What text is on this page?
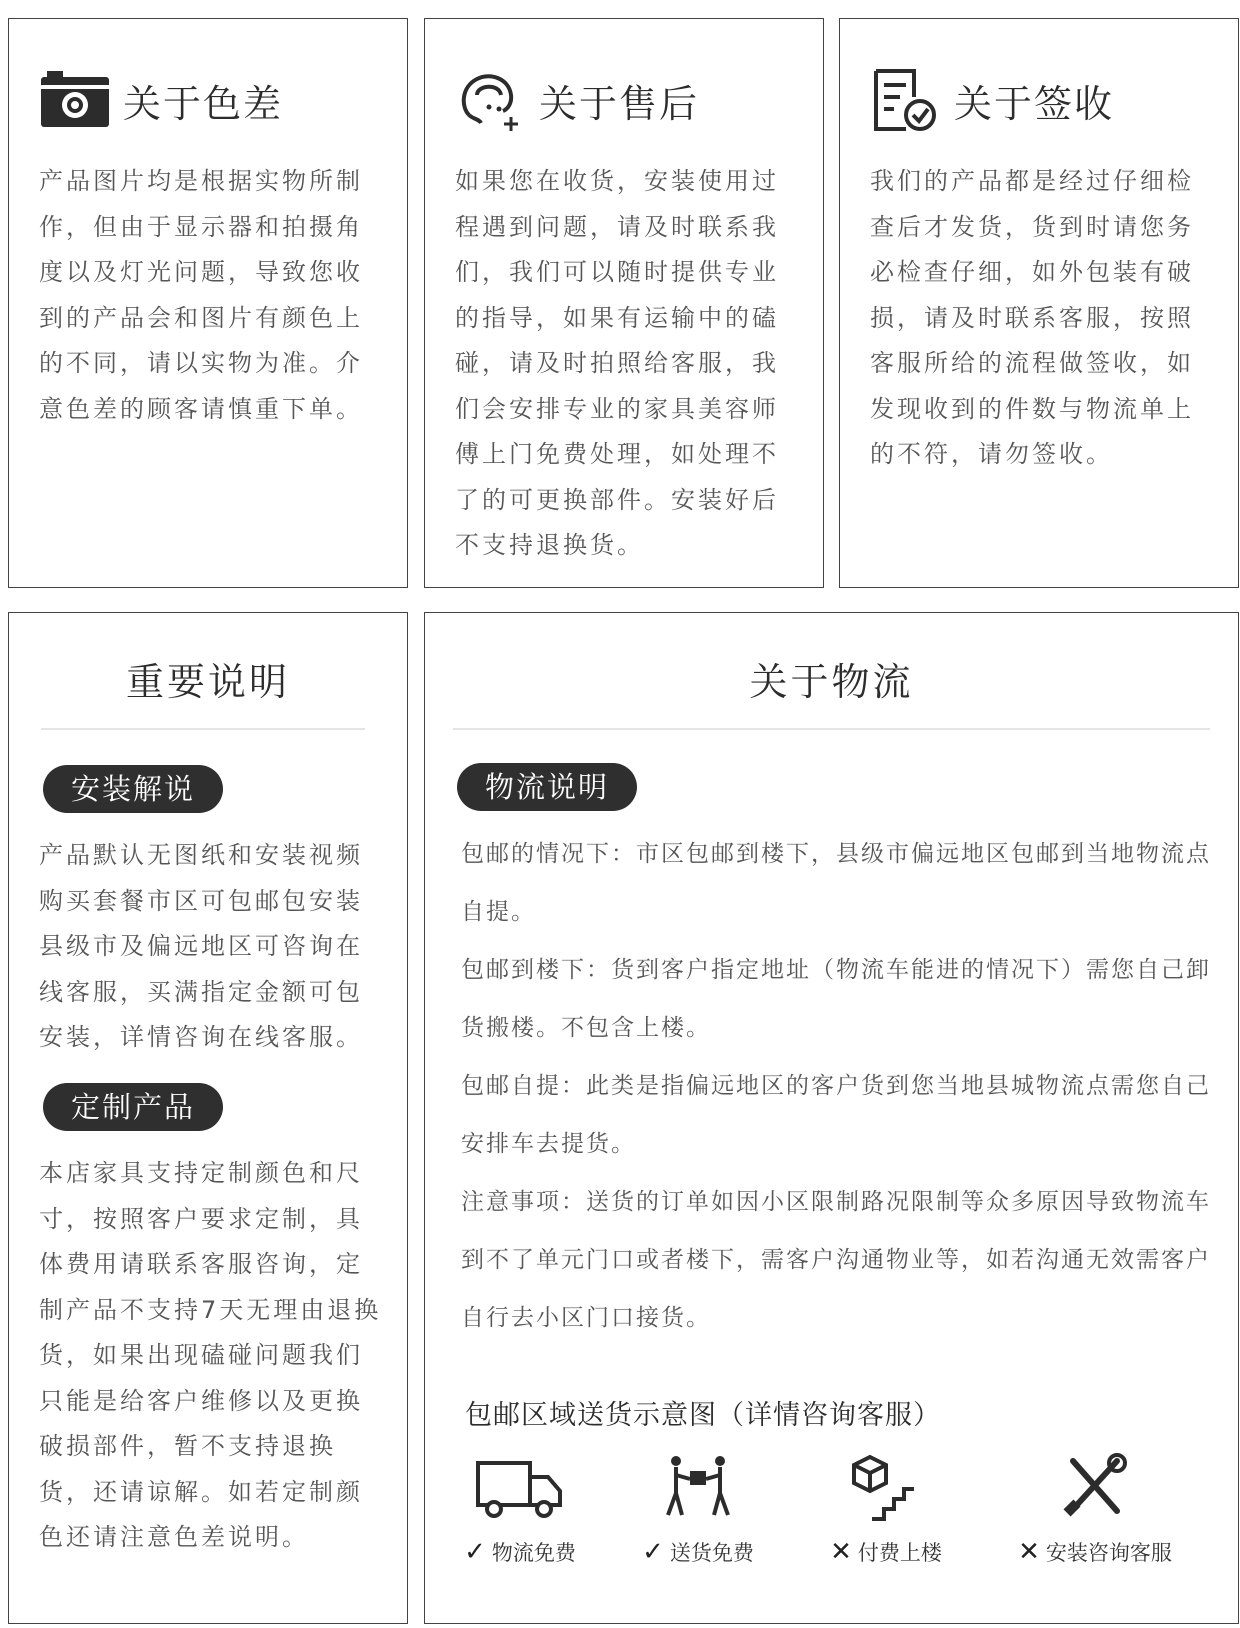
关于色差
产品图片均是根据实物所制作，但由于显示器和拍摄角度以及灯光问题，导致您收到的产品会和图片有颜色上的不同，请以实物为准。介意色差的顾客请慎重下单。
关于售后
如果您在收货，安装使用过程遇到问题，请及时联系我们，我们可以随时提供专业的指导，如果有运输中的磕碰，请及时拍照给客服，我们会安排专业的家具美容师傅上门免费处理，如处理不了的可更换部件。安装好后不支持退换货。
关于签收
我们的产品都是经过仔细检查后才发货，货到时请您务必检查仔细，如外包装有破损，请及时联系客服，按照客服所给的流程做签收，如发现收到的件数与物流单上的不符，请勿签收。
重要说明
安装解说
产品默认无图纸和安装视频购买套餐市区可包邮包安装县级市及偏远地区可咨询在线客服，买满指定金额可包安装，详情咨询在线客服。
定制产品
本店家具支持定制颜色和尺寸，按照客户要求定制，具体费用请联系客服咨询，定制产品不支持7天无理由退换货，如果出现磕碰问题我们只能是给客户维修以及更换破损部件，暂不支持退换货，还请谅解。如若定制颜色还请注意色差说明。
关于物流
物流说明

包邮的情况下：市区包邮到楼下，县级市偏远地区包邮到当地物流点自提。

包邮到楼下：货到客户指定地址（物流车能进的情况下）需您自己卸货搬楼。不包含上楼。

包邮自提：此类是指偏远地区的客户货到您当地县城物流点需您自己安排车去提货。

注意事项：送货的订单如因小区限制路况限制等众多原因导致物流车到不了单元门口或者楼下，需客户沟通物业等，如若沟通无效需客户自行去小区门口接货。

包邮区域送货示意图（详情咨询客服）
✓ 物流免费	✓ 送货免费	✕ 付费上楼	✕ 安装咨询客服
